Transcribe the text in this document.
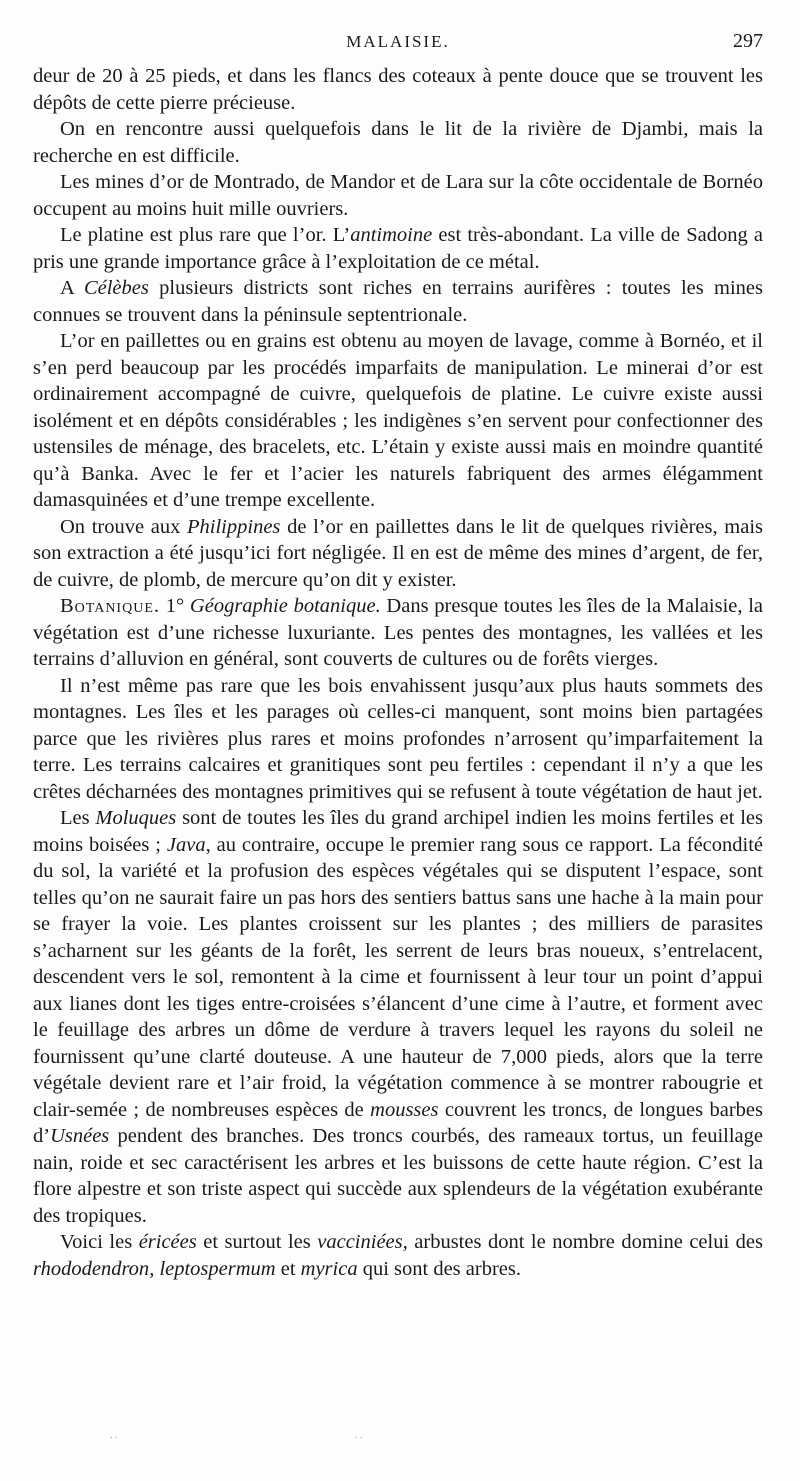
MALAISIE.	297

deur de 20 à 25 pieds, et dans les flancs des coteaux à pente douce que se trouvent les dépôts de cette pierre précieuse.

On en rencontre aussi quelquefois dans le lit de la rivière de Djambi, mais la recherche en est difficile.

Les mines d’or de Montrado, de Mandor et de Lara sur la côte occidentale de Bornéo occupent au moins huit mille ouvriers.

Le platine est plus rare que l’or. L’antimoine est très-abondant. La ville de Sadong a pris une grande importance grâce à l’exploitation de ce métal.

A Célèbes plusieurs districts sont riches en terrains aurifères : toutes les mines connues se trouvent dans la péninsule septentrionale.

L’or en paillettes ou en grains est obtenu au moyen de lavage, comme à Bornéo, et il s’en perd beaucoup par les procédés imparfaits de manipulation. Le minerai d’or est ordinairement accompagné de cuivre, quelquefois de platine. Le cuivre existe aussi isolément et en dépôts considérables ; les indigènes s’en servent pour confectionner des ustensiles de ménage, des bracelets, etc. L’étain y existe aussi mais en moindre quantité qu’à Banka. Avec le fer et l’acier les naturels fabriquent des armes élégamment damasquinées et d’une trempe excellente.

On trouve aux Philippines de l’or en paillettes dans le lit de quelques rivières, mais son extraction a été jusqu’ici fort négligée. Il en est de même des mines d’argent, de fer, de cuivre, de plomb, de mercure qu’on dit y exister.

Botanique. 1° Géographie botanique. Dans presque toutes les îles de la Malaisie, la végétation est d’une richesse luxuriante. Les pentes des montagnes, les vallées et les terrains d’alluvion en général, sont couverts de cultures ou de forêts vierges.

Il n’est même pas rare que les bois envahissent jusqu’aux plus hauts sommets des montagnes. Les îles et les parages où celles-ci manquent, sont moins bien partagées parce que les rivières plus rares et moins profondes n’arrosent qu’imparfaitement la terre. Les terrains calcaires et granitiques sont peu fertiles : cependant il n’y a que les crêtes décharnées des montagnes primitives qui se refusent à toute végétation de haut jet.

Les Moluques sont de toutes les îles du grand archipel indien les moins fertiles et les moins boisées ; Java, au contraire, occupe le premier rang sous ce rapport. La fécondité du sol, la variété et la profusion des espèces végétales qui se disputent l’espace, sont telles qu’on ne saurait faire un pas hors des sentiers battus sans une hache à la main pour se frayer la voie. Les plantes croissent sur les plantes ; des milliers de parasites s’acharnent sur les géants de la forêt, les serrent de leurs bras noueux, s’entrelacent, descendent vers le sol, remontent à la cime et fournissent à leur tour un point d’appui aux lianes dont les tiges entre-croisées s’élancent d’une cime à l’autre, et forment avec le feuillage des arbres un dôme de verdure à travers lequel les rayons du soleil ne fournissent qu’une clarté douteuse. A une hauteur de 7,000 pieds, alors que la terre végétale devient rare et l’air froid, la végétation commence à se montrer rabougrie et clair-semée ; de nombreuses espèces de mousses couvrent les troncs, de longues barbes d’Usnées pendent des branches. Des troncs courbés, des rameaux tortus, un feuillage nain, roide et sec caractérisent les arbres et les buissons de cette haute région. C’est la flore alpestre et son triste aspect qui succède aux splendeurs de la végétation exubérante des tropiques.

Voici les éricées et surtout les vacciniées, arbustes dont le nombre domine celui des rhododendron, leptospermum et myrica qui sont des arbres.

. .	. .
